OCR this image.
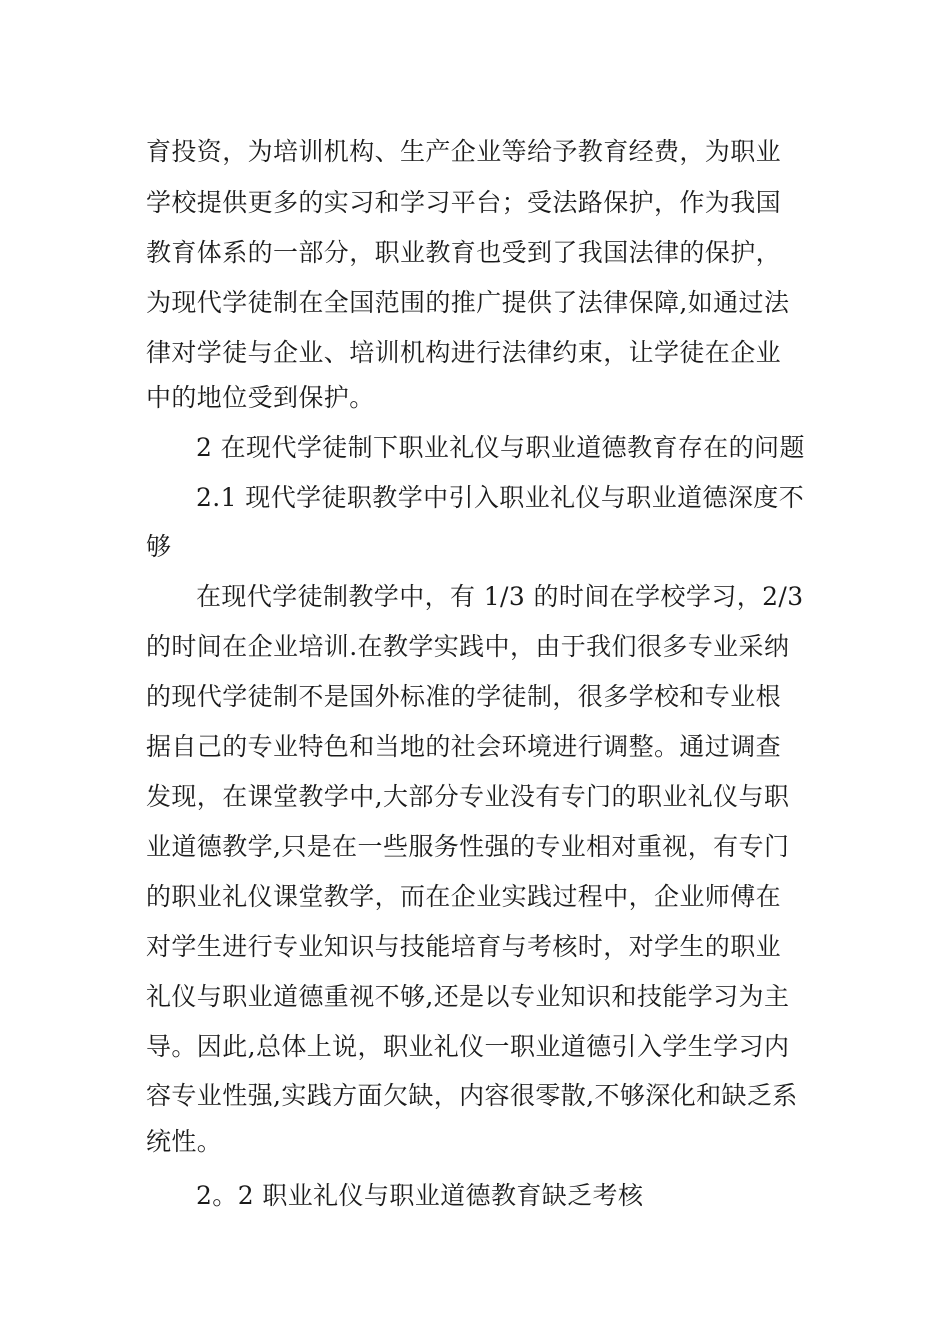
育投资，为培训机构、生产企业等给予教育经费，为职业
学校提供更多的实习和学习平台；受法路保护，作为我国
教育体系的一部分，职业教育也受到了我国法律的保护，
为现代学徒制在全国范围的推广提供了法律保障,如通过法
律对学徒与企业、培训机构进行法律约束，让学徒在企业
中的地位受到保护。
2 在现代学徒制下职业礼仪与职业道德教育存在的问题
2.1 现代学徒职教学中引入职业礼仪与职业道德深度不
够
在现代学徒制教学中，有 1/3 的时间在学校学习，2/3
的时间在企业培训.在教学实践中，由于我们很多专业采纳
的现代学徒制不是国外标准的学徒制，很多学校和专业根
据自己的专业特色和当地的社会环境进行调整。通过调查
发现，在课堂教学中,大部分专业没有专门的职业礼仪与职
业道德教学,只是在一些服务性强的专业相对重视，有专门
的职业礼仪课堂教学，而在企业实践过程中，企业师傅在
对学生进行专业知识与技能培育与考核时，对学生的职业
礼仪与职业道德重视不够,还是以专业知识和技能学习为主
导。因此,总体上说，职业礼仪一职业道德引入学生学习内
容专业性强,实践方面欠缺，内容很零散,不够深化和缺乏系
统性。
2。2 职业礼仪与职业道德教育缺乏考核
